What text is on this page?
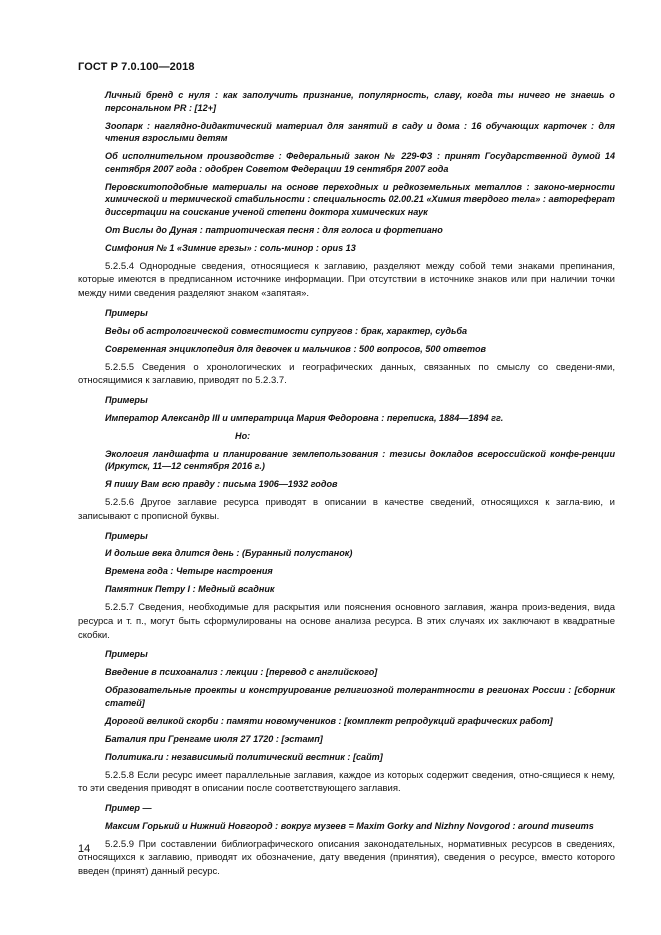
ГОСТ Р 7.0.100—2018
Личный бренд с нуля : как заполучить признание, популярность, славу, когда ты ничего не знаешь о персональном PR : [12+]
Зоопарк : наглядно-дидактический материал для занятий в саду и дома : 16 обучающих карточек : для чтения взрослыми детям
Об исполнительном производстве : Федеральный закон № 229-ФЗ : принят Государственной думой 14 сентября 2007 года : одобрен Советом Федерации 19 сентября 2007 года
Перовскитоподобные материалы на основе переходных и редкоземельных металлов : законо-мерности химической и термической стабильности : специальность 02.00.21 «Химия твердого тела» : автореферат диссертации на соискание ученой степени доктора химических наук
От Вислы до Дуная : патриотическая песня : для голоса и фортепиано
Симфония № 1 «Зимние грезы» : соль-минор : opus 13
5.2.5.4 Однородные сведения, относящиеся к заглавию, разделяют между собой теми знаками препинания, которые имеются в предписанном источнике информации. При отсутствии в источнике знаков или при наличии точки между ними сведения разделяют знаком «запятая».
Примеры
Веды об астрологической совместимости супругов : брак, характер, судьба
Современная энциклопедия для девочек и мальчиков : 500 вопросов, 500 ответов
5.2.5.5 Сведения о хронологических и географических данных, связанных по смыслу со сведени-ями, относящимися к заглавию, приводят по 5.2.3.7.
Примеры
Император Александр III и императрица Мария Федоровна : переписка, 1884—1894 гг.
Но:
Экология ландшафта и планирование землепользования : тезисы докладов всероссийской конфе-ренции (Иркутск, 11—12 сентября 2016 г.)
Я пишу Вам всю правду : письма 1906—1932 годов
5.2.5.6 Другое заглавие ресурса приводят в описании в качестве сведений, относящихся к загла-вию, и записывают с прописной буквы.
Примеры
И дольше века длится день : (Буранный полустанок)
Времена года : Четыре настроения
Памятник Петру I : Медный всадник
5.2.5.7 Сведения, необходимые для раскрытия или пояснения основного заглавия, жанра произ-ведения, вида ресурса и т. п., могут быть сформулированы на основе анализа ресурса. В этих случаях их заключают в квадратные скобки.
Примеры
Введение в психоанализ : лекции : [перевод с английского]
Образовательные проекты и конструирование религиозной толерантности в регионах России : [сборник статей]
Дорогой великой скорби : памяти новомучеников : [комплект репродукций графических работ]
Баталия при Гренгаме июля 27 1720 : [эстамп]
Политика.ru : независимый политический вестник : [сайт]
5.2.5.8 Если ресурс имеет параллельные заглавия, каждое из которых содержит сведения, отно-сящиеся к нему, то эти сведения приводят в описании после соответствующего заглавия.
Пример —
Максим Горький и Нижний Новгород : вокруг музеев = Maxim Gorky and Nizhny Novgorod : around museums
5.2.5.9 При составлении библиографического описания законодательных, нормативных ресурсов в сведениях, относящихся к заглавию, приводят их обозначение, дату введения (принятия), сведения о ресурсе, вместо которого введен (принят) данный ресурс.
14
